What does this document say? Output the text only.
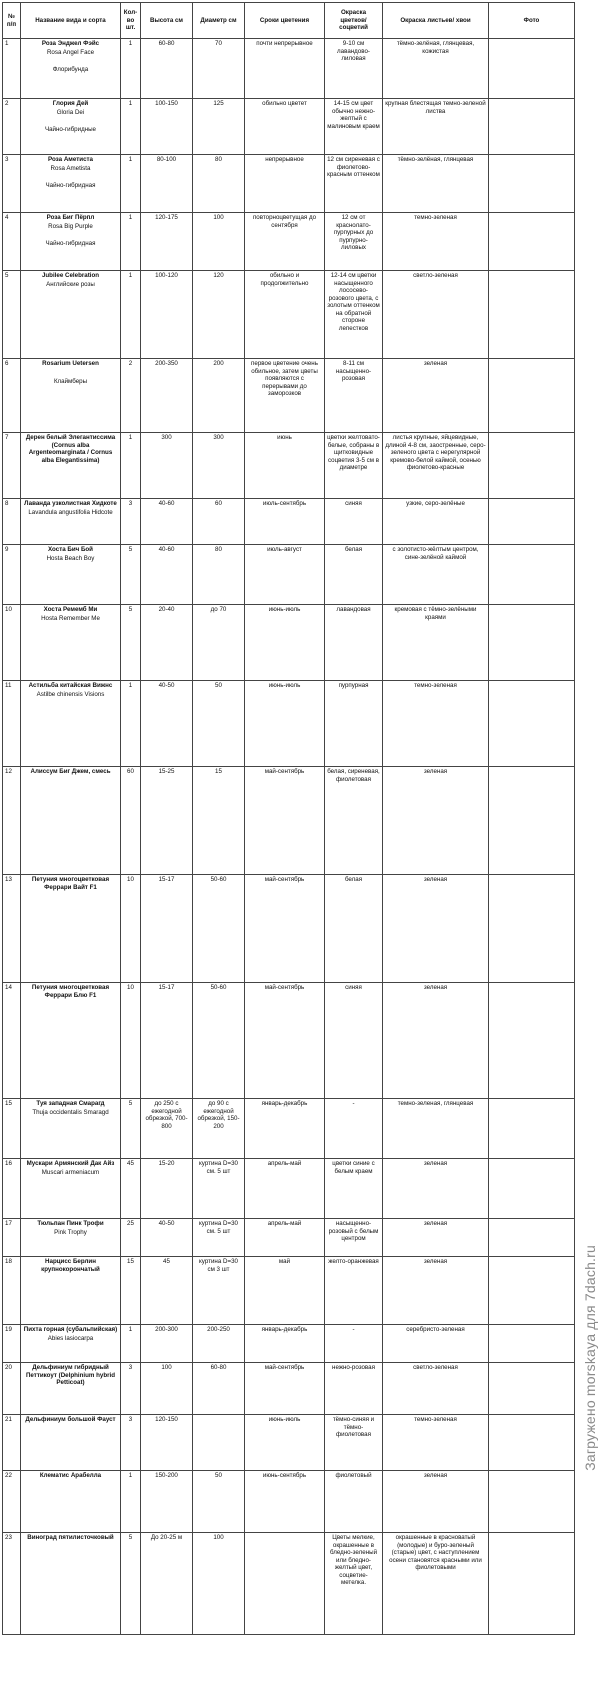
№ п/п	Название вида и сорта	Кол-во шт.	Высота см	Диаметр см	Сроки цветения	Окраска цветков/ соцветий	Окраска листьев/ хвои	Фото
1	Роза Энджел Фэйс
Rosa Angel Face
Флорибунда	1	60-80	70	почти непрерывное	9-10 см лавандово-лиловая	тёмно-зелёная, глянцевая, кожистая	

2	Глория Дей
Gloria Dei
Чайно-гибридные	1	100-150	125	обильно цветет	14-15 см цвет обычно нежно-желтый с малиновым краем	крупная блестящая темно-зеленой листва	

3	Роза Аметиста
Rosa Ametista
Чайно-гибридная	1	80-100	80	непрерывное	12 см сиреневая с фиолетово-красным оттенком	тёмно-зелёная, глянцевая	

4	Роза Биг Пёрпл
Rosa Big Purple
Чайно-гибридная	1	120-175	100	повторноцветущая до сентября	12 см от краснолато-пурпурных до пурпурно-лиловых	темно-зеленая	

5	Jubilee Celebration
Английские розы	1	100-120	120	обильно и продолжительно	12-14 см цветки насыщенного лососево-розового цвета, с золотым оттенком на обратной стороне лепестков	светло-зеленая	

6	Rosarium Uetersen
Клаймберы	2	200-350	200	первое цветение очень обильное, затем цветы появляются с перерывами до заморозков	8-11 см насыщенно-розовая	зеленая	

7	Дерен белый Элегантиссима (Cornus alba Argenteomarginata / Cornus alba Elegantissima)	1	300	300	июнь	цветки желтовато-белые, собраны в щитковидные соцветия 3-5 см в диаметре	листья крупные, яйцевидные, длиной 4-8 см, заостренные, серо-зеленого цвета с нерегулярной кремово-белой каймой, осенью фиолетово-красные	

8	Лаванда узколистная Хидкоте
Lavandula angustifolia Hidcote	3	40-60	60	июль-сентябрь	синяя	узкие, серо-зелёные	

9	Хоста Бич Бой
Hosta Beach Boy	5	40-60	80	июль-август	белая	с золотисто-жёлтым центром, сине-зелёной каймой	

10	Хоста Ремемб Ми
Hosta Remember Me	5	20-40	до 70	июнь-июль	лавандовая	кремовая с тёмно-зелёными краями	

11	Астильба китайская Вижнс
Astilbe chinensis Visions	1	40-50	50	июнь-июль	пурпурная	темно-зеленая	

12	Алиссум Биг Джем, смесь	60	15-25	15	май-сентябрь	белая, сиреневая, фиолетовая	зеленая	

13	Петуния многоцветковая Феррари Вайт F1	10	15-17	50-60	май-сентябрь	белая	зеленая	

14	Петуния многоцветковая Феррари Блю F1	10	15-17	50-60	май-сентябрь	синяя	зеленая	

15	Туя западная Смарагд
Thuja occidentalis Smaragd	5	до 250 с ежегодной обрезкой, 700-800	до 90 с ежегодной обрезкой, 150-200	январь-декабрь	-	темно-зеленая, глянцевая	

16	Мускари Армянский Дак Айз
Muscari armeniacum	45	15-20	куртина D=30 см. 5 шт	апрель-май	цветки синие с белым краем	зеленая	

17	Тюльпан Пинк Трофи
Pink Trophy	25	40-50	куртина D=30 см. 5 шт	апрель-май	насыщенно-розовый с белым центром	зеленая	

18	Нарцисс Берлин крупнокорончатый	15	45	куртина D=30 см 3 шт	май	желто-оранжевая	зеленая	

19	Пихта горная (субальпийская)
Abies lasiocarpa	1	200-300	200-250	январь-декабрь	-	серебристо-зеленая	

20	Дельфиниум гибридный Петтикоут (Delphinium hybrid Petticoat)	3	100	60-80	май-сентябрь	нежно-розовая	светло-зеленая	

21	Дельфиниум большой Фауст	3	120-150		июнь-июль	тёмно-синяя и тёмно-фиолетовая	темно-зеленая	

22	Клематис Арабелла	1	150-200	50	июнь-сентябрь	фиолетовый	зеленая	

23	Виноград пятилисточковый	5	До 20-25 м	100		Цветы мелкие, окрашенные в бледно-зеленый или бледно-желтый цвет, соцветие-метелка.	окрашенные в красноватый (молодые) и буро-зеленый (старые) цвет, с наступлением осени становятся красными или фиолетовыми	
Загружено morskaya для 7dach.ru
